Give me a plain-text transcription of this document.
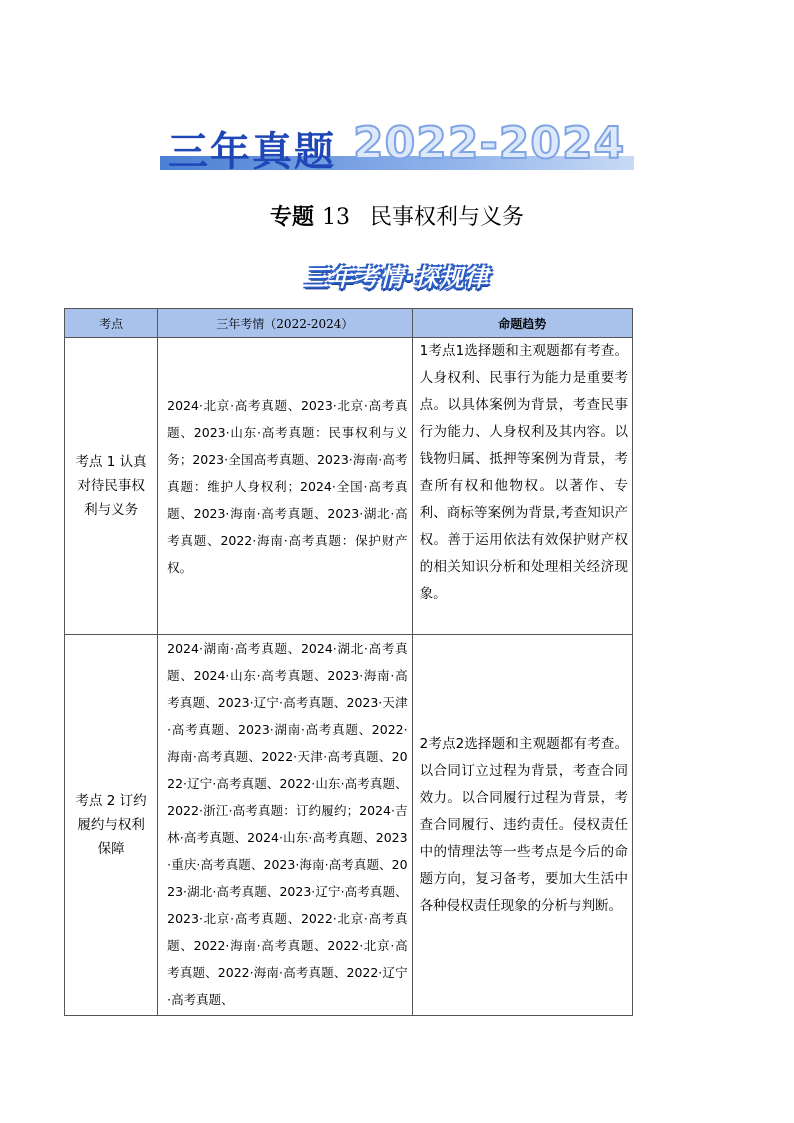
三年真题 2022-2024
专题 13 民事权利与义务
三年考情·探规律
考点	三年考情（2022-2024）	命题趋势
考点 1 认真对待民事权利与义务	2024·北京·高考真题、2023·北京·高考真题、2023·山东·高考真题：民事权利与义务；2023·全国高考真题、2023·海南·高考真题：维护人身权利；2024·全国·高考真题、2023·海南·高考真题、2023·湖北·高考真题、2022·海南·高考真题：保护财产权。	1考点1选择题和主观题都有考查。人身权利、民事行为能力是重要考点。以具体案例为背景，考查民事行为能力、人身权利及其内容。以钱物归属、抵押等案例为背景，考查所有权和他物权。以著作、专利、商标等案例为背景,考查知识产权。善于运用依法有效保护财产权的相关知识分析和处理相关经济现象。
考点 2 订约履约与权利保障	2024·湖南·高考真题、2024·湖北·高考真题、2024·山东·高考真题、2023·海南·高考真题、2023·辽宁·高考真题、2023·天津·高考真题、2023·湖南·高考真题、2022·海南·高考真题、2022·天津·高考真题、2022·辽宁·高考真题、2022·山东·高考真题、2022·浙江·高考真题：订约履约；2024·吉林·高考真题、2024·山东·高考真题、2023·重庆·高考真题、2023·海南·高考真题、2023·湖北·高考真题、2023·辽宁·高考真题、2023·北京·高考真题、2022·北京·高考真题、2022·海南·高考真题、2022·北京·高考真题、2022·海南·高考真题、2022·辽宁·高考真题、	2考点2选择题和主观题都有考查。以合同订立过程为背景，考查合同效力。以合同履行过程为背景，考查合同履行、违约责任。侵权责任中的情理法等一些考点是今后的命题方向，复习备考，要加大生活中各种侵权责任现象的分析与判断。
